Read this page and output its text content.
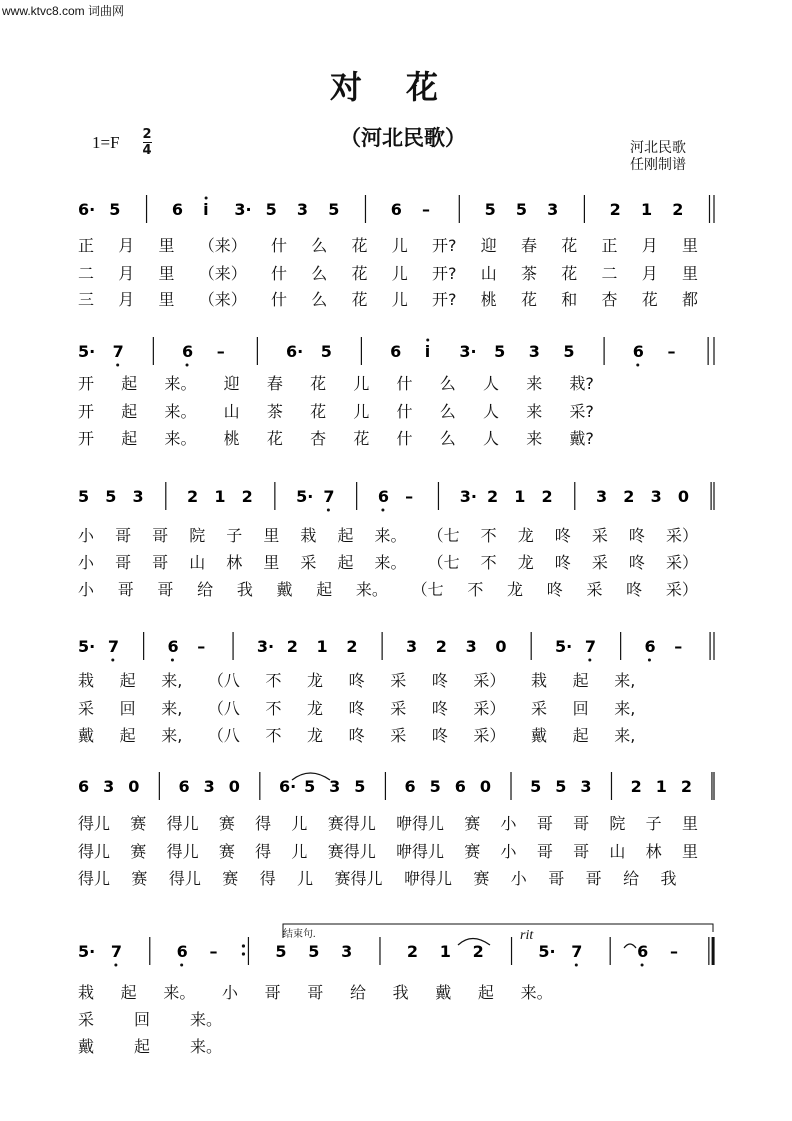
www.ktvc8.com 词曲网
对花
（河北民歌）
1=F 2
4	河北民歌
任刚制谱
6· 5	6 i 3· 5 3 5	6 –	5 5 3	2 1 2
5· 7	6 –	6· 5	6 i 3· 5 3 5	6 –
5 5 3	2 1 2	5· 7	6 –	3· 2 1 2	3 2 3 0
5· 7	6 –	3· 2 1 2	3 2 3 0	5· 7	6 –
6 3 0 6 3 0 6· 5 3 5 6 5 6 0 5 5 3 2 1 2
5· 7	6 –	5 5 3	2 1 2	5· 7	6 –
结束句.	rit
正 月 里 （来） 什 么 花 儿 开? 迎 春 花 正 月 里
二 月 里 （来） 什 么 花 儿 开? 山 茶 花 二 月 里
三 月 里 （来） 什 么 花 儿 开? 桃 花 和 杏 花 都
开 起 来。 迎 春 花 儿 什 么 人 来 栽?
开 起 来。 山 茶 花 儿 什 么 人 来 采?
开 起 来。 桃 花 杏 花 什 么 人 来 戴?
小 哥 哥 院 子 里 栽 起 来。 （七 不 龙 咚 采 咚 采）
小 哥 哥 山 林 里 采 起 来。 （七 不 龙 咚 采 咚 采）
小 哥 哥 给 我 戴 起 来。 （七 不 龙 咚 采 咚 采）
栽 起 来, （八 不 龙 咚 采 咚 采） 栽 起 来,
采 回 来, （八 不 龙 咚 采 咚 采） 采 回 来,
戴 起 来, （八 不 龙 咚 采 咚 采） 戴 起 来,
得儿 赛 得儿 赛 得 儿 赛得儿 咿得儿 赛 小 哥 哥 院 子 里
得儿 赛 得儿 赛 得 儿 赛得儿 咿得儿 赛 小 哥 哥 山 林 里
得儿 赛 得儿 赛 得 儿 赛得儿 咿得儿 赛 小 哥 哥 给 我
栽 起 来。 小 哥 哥 给 我 戴 起 来。
采 回 来。
戴 起 来。
